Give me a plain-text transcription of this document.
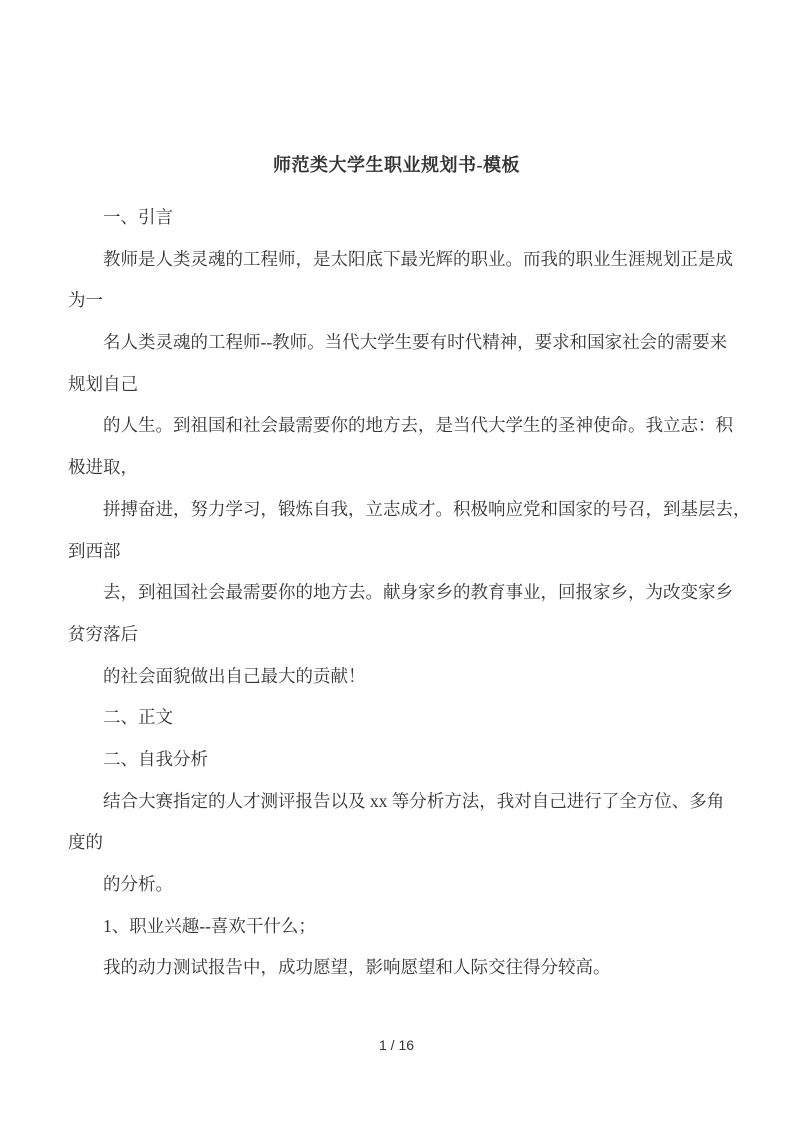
师范类大学生职业规划书-模板
一、引言
教师是人类灵魂的工程师，是太阳底下最光辉的职业。而我的职业生涯规划正是成
为一
名人类灵魂的工程师--教师。当代大学生要有时代精神，要求和国家社会的需要来
规划自己
的人生。到祖国和社会最需要你的地方去，是当代大学生的圣神使命。我立志：积
极进取，
拼搏奋进，努力学习，锻炼自我，立志成才。积极响应党和国家的号召，到基层去，
到西部
去，到祖国社会最需要你的地方去。献身家乡的教育事业，回报家乡，为改变家乡
贫穷落后
的社会面貌做出自己最大的贡献！
二、正文
二、自我分析
结合大赛指定的人才测评报告以及 xx 等分析方法，我对自己进行了全方位、多角
度的
的分析。
1、职业兴趣--喜欢干什么；
我的动力测试报告中，成功愿望，影响愿望和人际交往得分较高。
1 / 16
